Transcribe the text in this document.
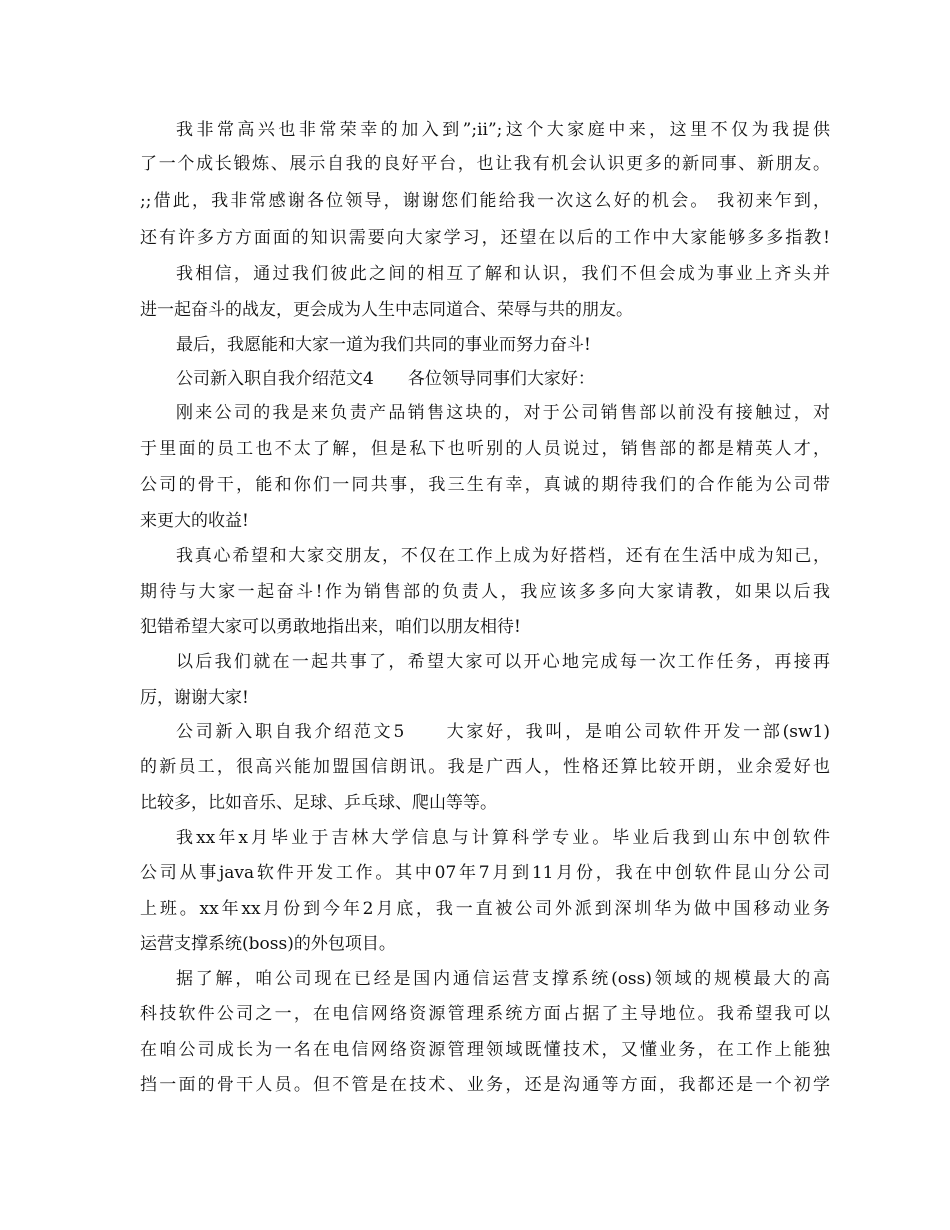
我非常高兴也非常荣幸的加入到”;ii”;这个大家庭中来，这里不仅为我提供
了一个成长锻炼、展示自我的良好平台，也让我有机会认识更多的新同事、新朋友。
;;借此，我非常感谢各位领导，谢谢您们能给我一次这么好的机会。 我初来乍到，
还有许多方方面面的知识需要向大家学习，还望在以后的工作中大家能够多多指教!
我相信，通过我们彼此之间的相互了解和认识，我们不但会成为事业上齐头并
进一起奋斗的战友，更会成为人生中志同道合、荣辱与共的朋友。
最后，我愿能和大家一道为我们共同的事业而努力奋斗!
公司新入职自我介绍范文4　　各位领导同事们大家好：
刚来公司的我是来负责产品销售这块的，对于公司销售部以前没有接触过，对
于里面的员工也不太了解，但是私下也听别的人员说过，销售部的都是精英人才，
公司的骨干，能和你们一同共事，我三生有幸，真诚的期待我们的合作能为公司带
来更大的收益!
我真心希望和大家交朋友，不仅在工作上成为好搭档，还有在生活中成为知己，
期待与大家一起奋斗!作为销售部的负责人，我应该多多向大家请教，如果以后我
犯错希望大家可以勇敢地指出来，咱们以朋友相待!
以后我们就在一起共事了，希望大家可以开心地完成每一次工作任务，再接再
厉，谢谢大家!
公司新入职自我介绍范文5　　大家好，我叫，是咱公司软件开发一部(sw1)
的新员工，很高兴能加盟国信朗讯。我是广西人，性格还算比较开朗，业余爱好也
比较多，比如音乐、足球、乒乓球、爬山等等。
我xx年x月毕业于吉林大学信息与计算科学专业。毕业后我到山东中创软件
公司从事java软件开发工作。其中07年7月到11月份，我在中创软件昆山分公司
上班。xx年xx月份到今年2月底，我一直被公司外派到深圳华为做中国移动业务
运营支撑系统(boss)的外包项目。
据了解，咱公司现在已经是国内通信运营支撑系统(oss)领域的规模最大的高
科技软件公司之一，在电信网络资源管理系统方面占据了主导地位。我希望我可以
在咱公司成长为一名在电信网络资源管理领域既懂技术，又懂业务，在工作上能独
挡一面的骨干人员。但不管是在技术、业务，还是沟通等方面，我都还是一个初学
